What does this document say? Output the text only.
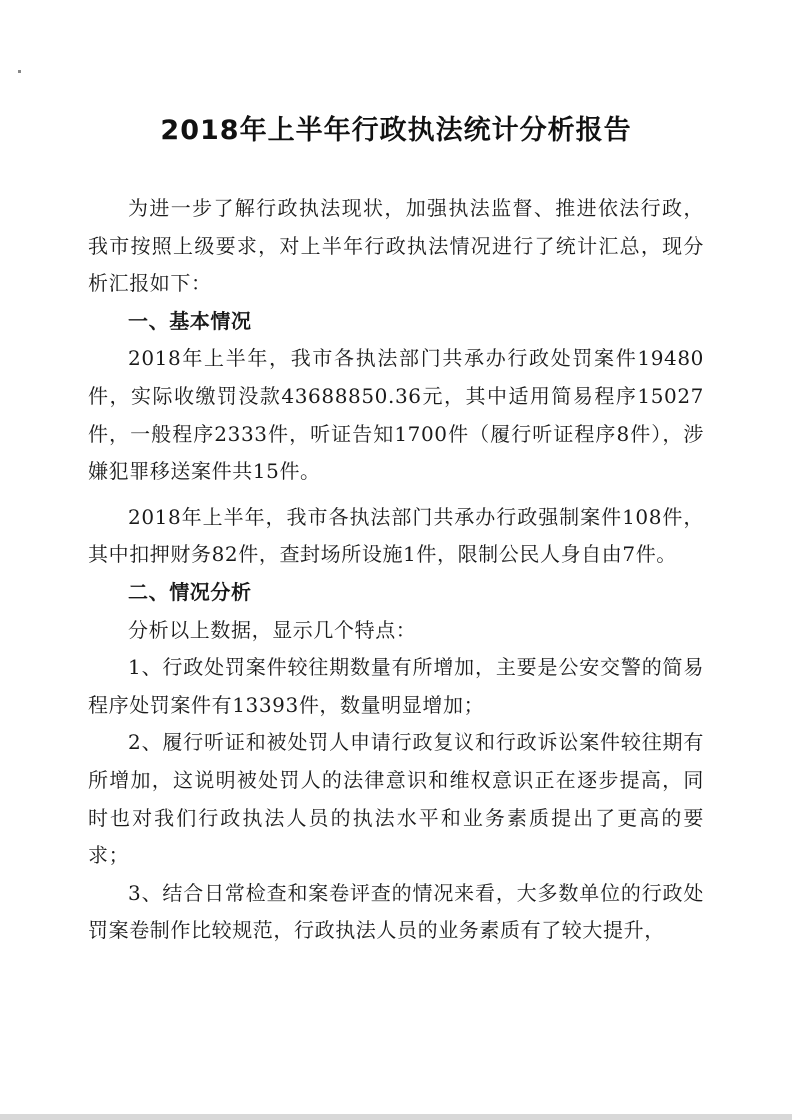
2018年上半年行政执法统计分析报告

为进一步了解行政执法现状，加强执法监督、推进依法行政，我市按照上级要求，对上半年行政执法情况进行了统计汇总，现分析汇报如下：

一、基本情况

2018年上半年，我市各执法部门共承办行政处罚案件19480件，实际收缴罚没款43688850.36元，其中适用简易程序15027件，一般程序2333件，听证告知1700件（履行听证程序8件），涉嫌犯罪移送案件共15件。

2018年上半年，我市各执法部门共承办行政强制案件108件，其中扣押财务82件，查封场所设施1件，限制公民人身自由7件。

二、情况分析

分析以上数据，显示几个特点：

1、行政处罚案件较往期数量有所增加，主要是公安交警的简易程序处罚案件有13393件，数量明显增加；

2、履行听证和被处罚人申请行政复议和行政诉讼案件较往期有所增加，这说明被处罚人的法律意识和维权意识正在逐步提高，同时也对我们行政执法人员的执法水平和业务素质提出了更高的要求；

3、结合日常检查和案卷评查的情况来看，大多数单位的行政处罚案卷制作比较规范，行政执法人员的业务素质有了较大提升，
